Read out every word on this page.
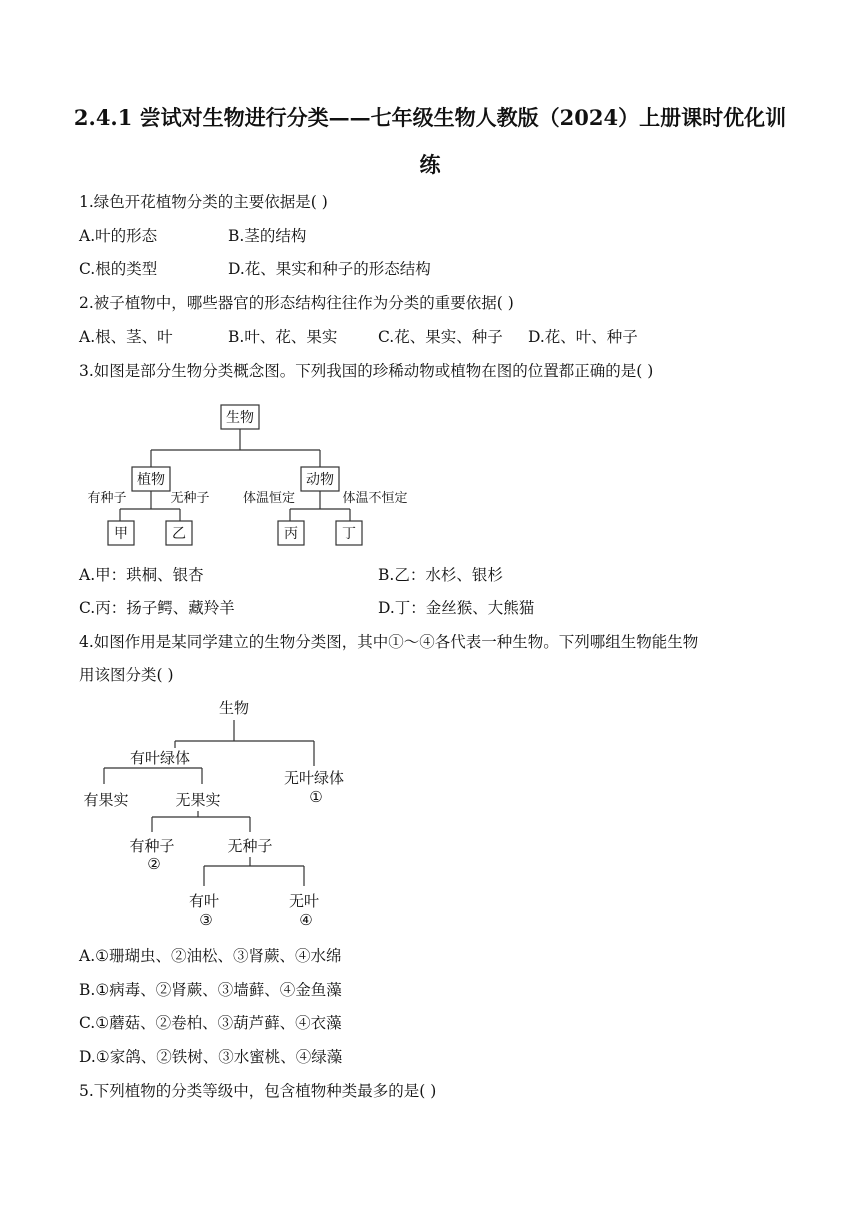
2.4.1 尝试对生物进行分类——七年级生物人教版（2024）上册课时优化训
练
1.绿色开花植物分类的主要依据是( )
A.叶的形态	B.茎的结构
C.根的类型	D.花、果实和种子的形态结构
2.被子植物中，哪些器官的形态结构往往作为分类的重要依据( )
A.根、茎、叶	B.叶、花、果实	C.花、果实、种子 D.花、叶、种子
3.如图是部分生物分类概念图。下列我国的珍稀动物或植物在图的位置都正确的是( )
生物
植物	动物
有种子	无种子	体温恒定	体温不恒定
甲	乙	丙	丁
A.甲：珙桐、银杏	B.乙：水杉、银杉
C.丙：扬子鳄、藏羚羊	D.丁：金丝猴、大熊猫
4.如图作用是某同学建立的生物分类图，其中①～④各代表一种生物。下列哪组生物能生物
用该图分类( )
生物
有叶绿体
无叶绿体
①
有果实	无果实
有种子
②
无种子
有叶
③
无叶
④
A.①珊瑚虫、②油松、③肾蕨、④水绵
B.①病毒、②肾蕨、③墙藓、④金鱼藻
C.①蘑菇、②卷柏、③葫芦藓、④衣藻
D.①家鸽、②铁树、③水蜜桃、④绿藻
5.下列植物的分类等级中，包含植物种类最多的是( )
